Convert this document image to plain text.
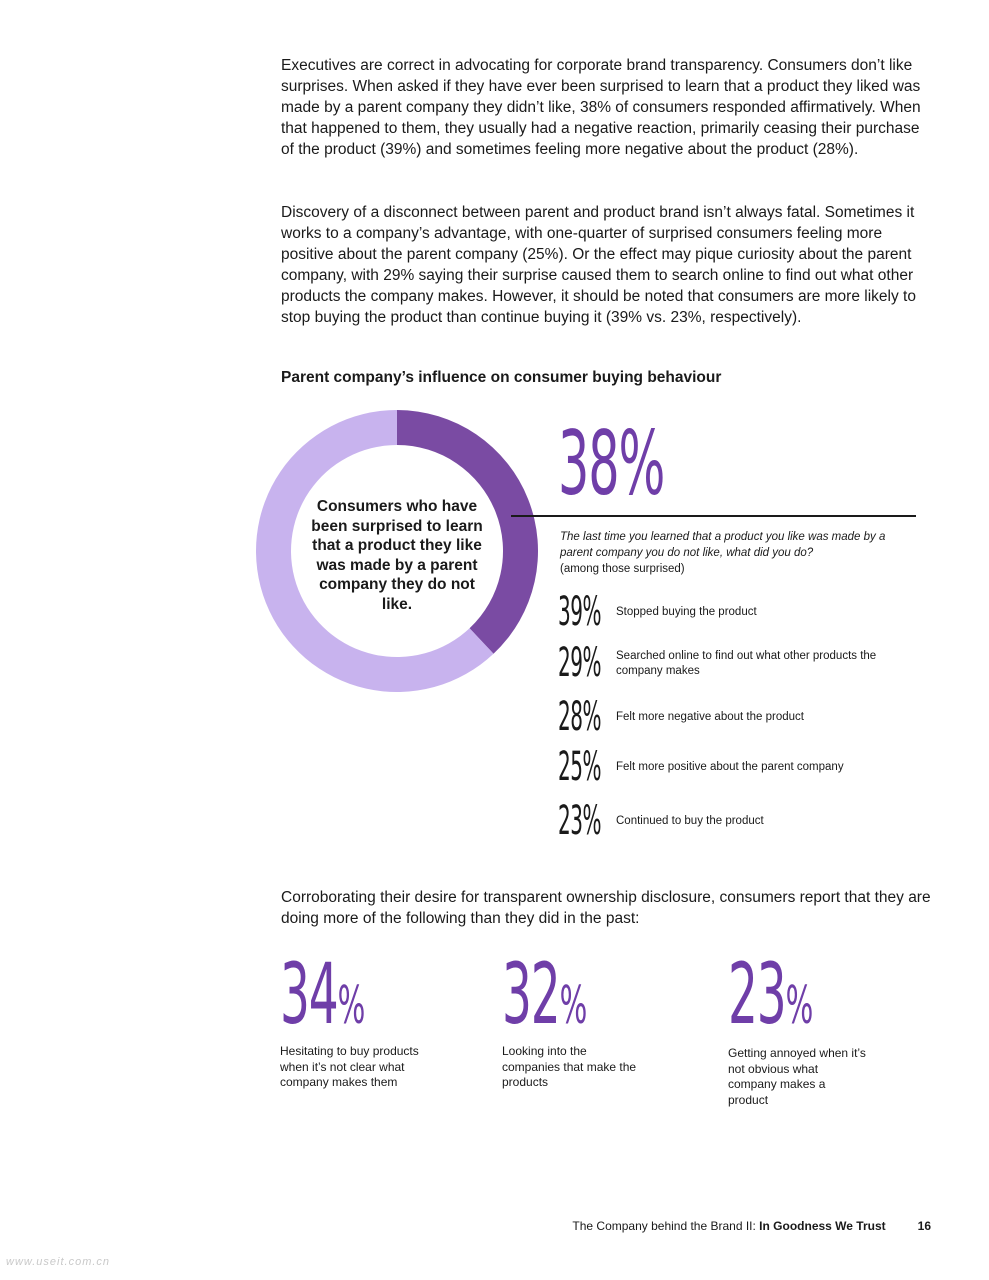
Executives are correct in advocating for corporate brand transparency. Consumers don’t like surprises. When asked if they have ever been surprised to learn that a product they liked was made by a parent company they didn’t like, 38% of consumers responded affirmatively. When that happened to them, they usually had a negative reaction, primarily ceasing their purchase of the product (39%) and sometimes feeling more negative about the product (28%).

Discovery of a disconnect between parent and product brand isn’t always fatal. Sometimes it works to a company’s advantage, with one-quarter of surprised consumers feeling more positive about the parent company (25%). Or the effect may pique curiosity about the parent company, with 29% saying their surprise caused them to search online to find out what other products the company makes. However, it should be noted that consumers are more likely to stop buying the product than continue buying it (39% vs. 23%, respectively).

Parent company’s influence on consumer buying behaviour
Consumers who have been surprised to learn that a product they like was made by a parent company they do not like.
38%
The last time you learned that a product you like was made by a parent company you do not like, what did you do?
(among those surprised)
39% Stopped buying the product
29% Searched online to find out what other products the company makes
28% Felt more negative about the product
25% Felt more positive about the parent company
23% Continued to buy the product

Corroborating their desire for transparent ownership disclosure, consumers report that they are doing more of the following than they did in the past:

34%
Hesitating to buy products when it’s not clear what company makes them
32%
Looking into the companies that make the products
23%
Getting annoyed when it’s not obvious what company makes a product
The Company behind the Brand II: In Goodness We Trust	16
www.useit.com.cn
